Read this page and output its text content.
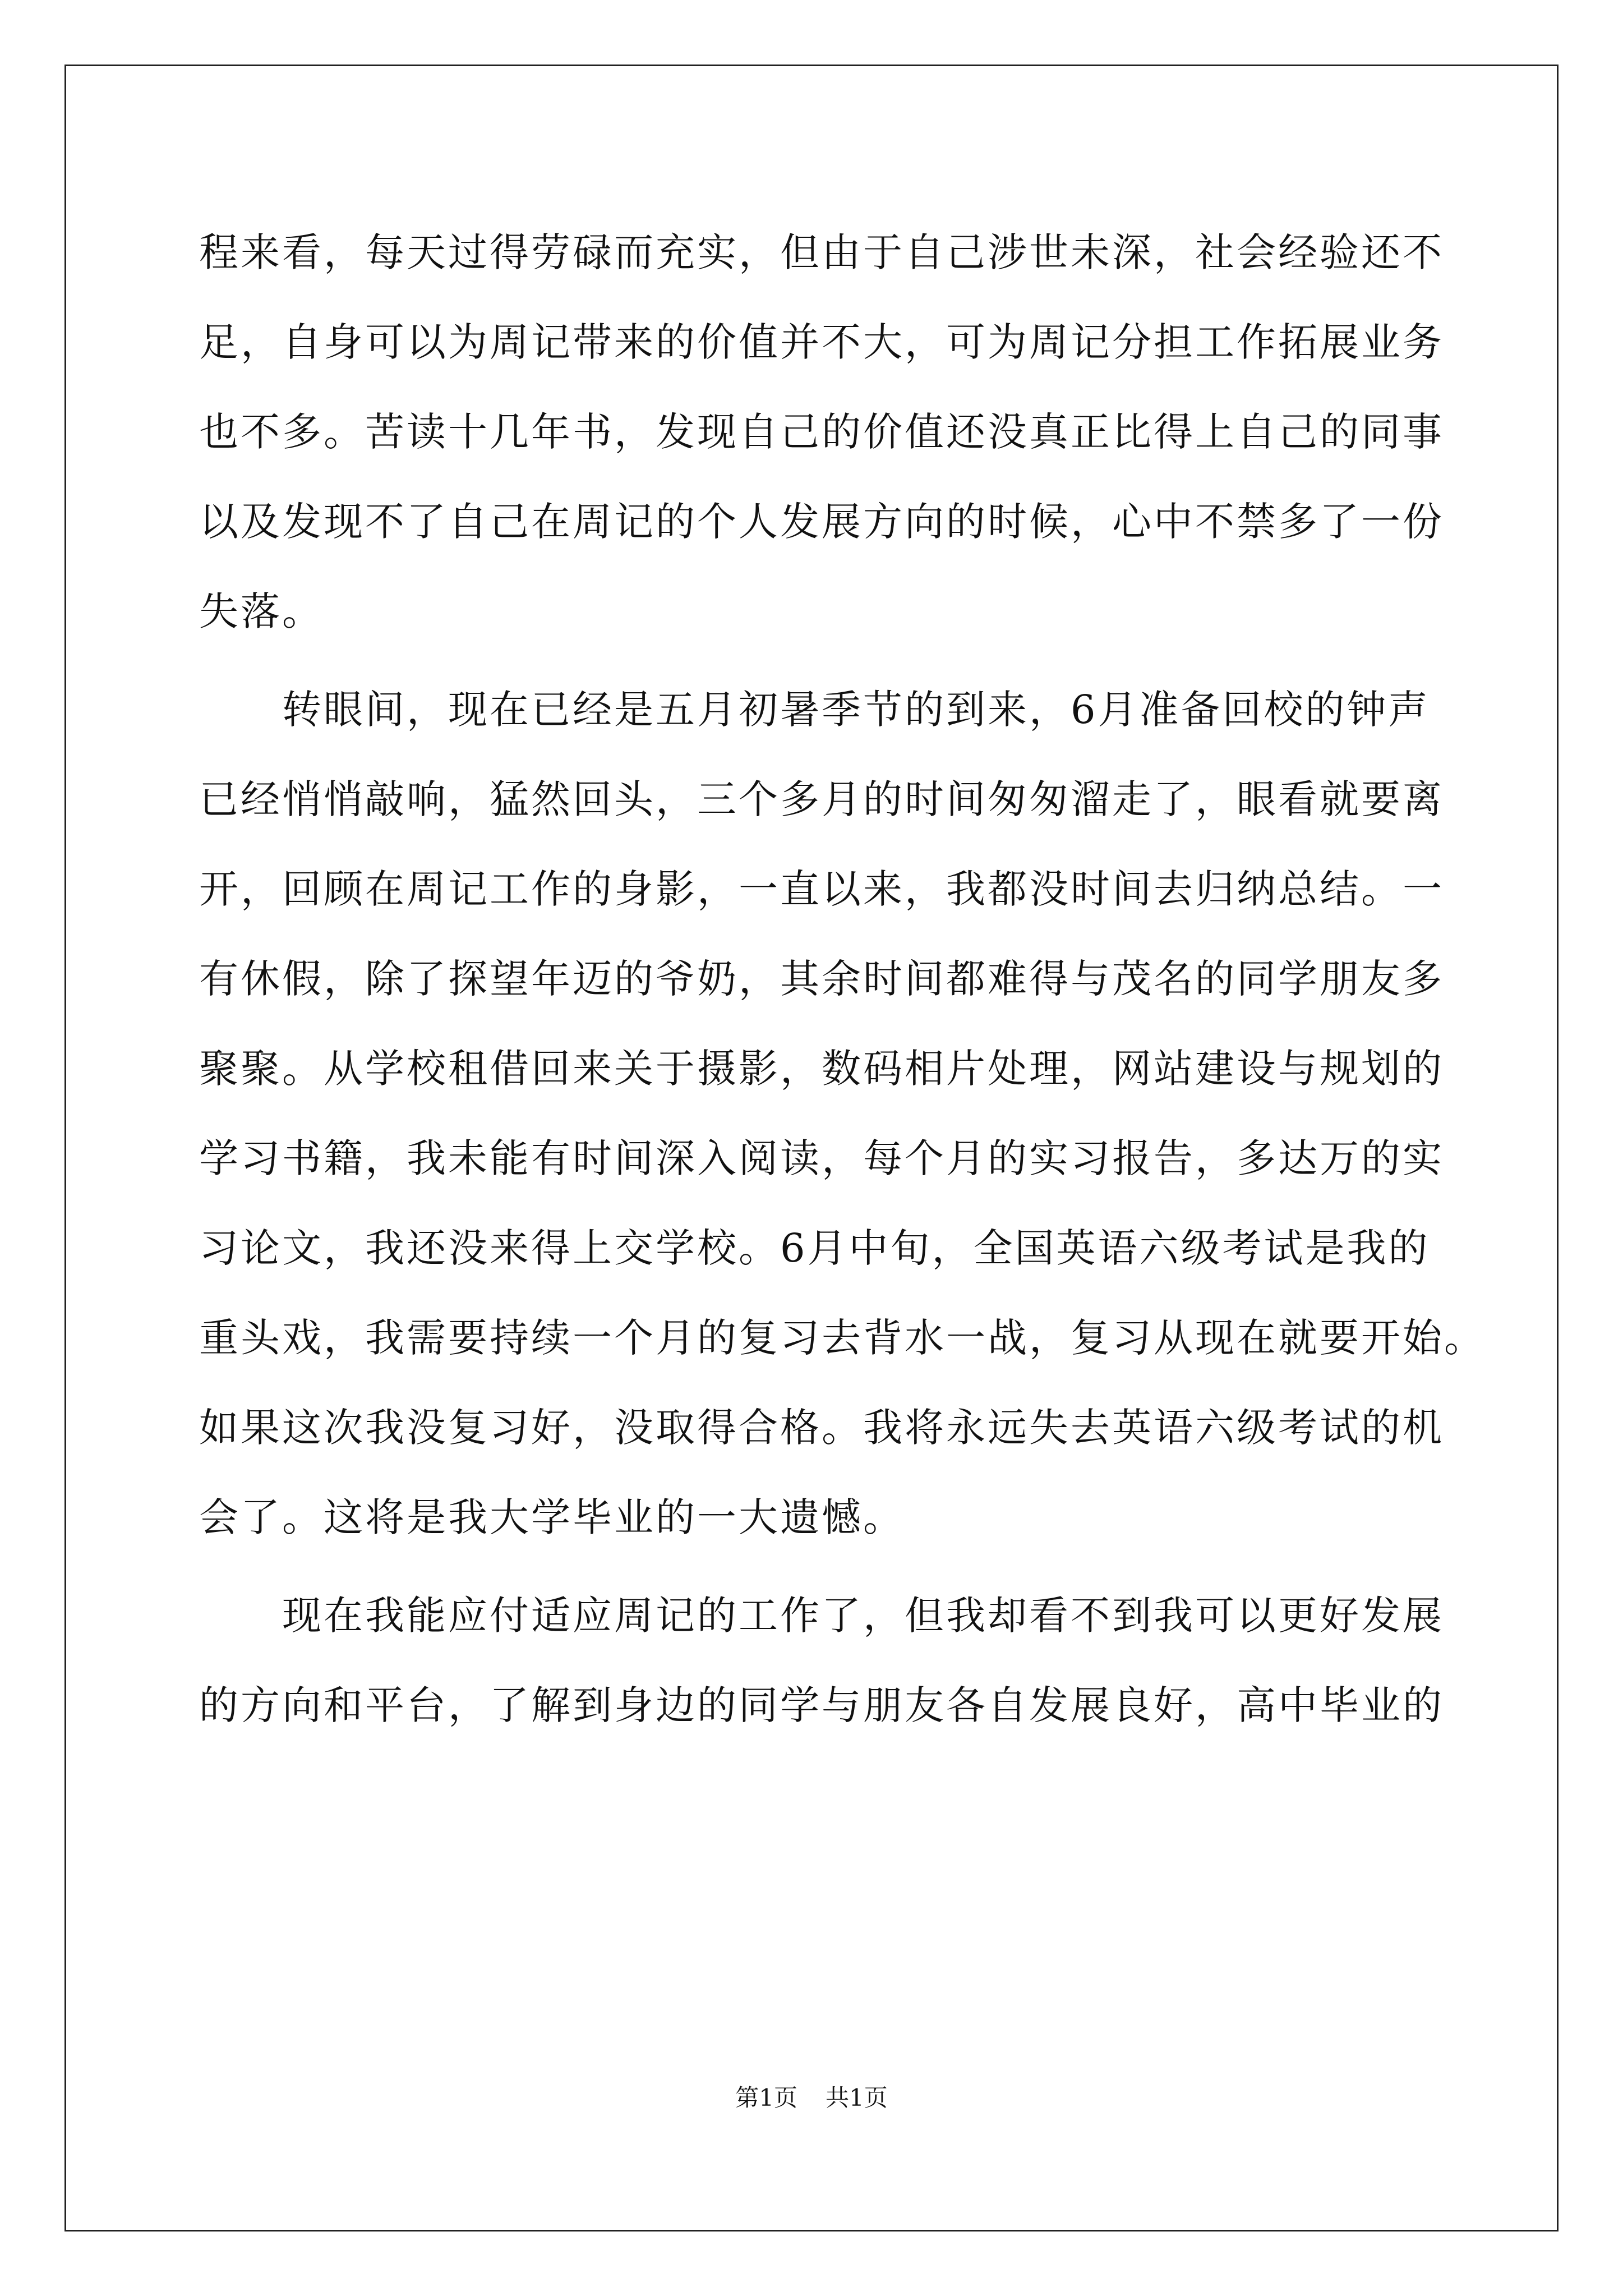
程来看，每天过得劳碌而充实，但由于自己涉世未深，社会经验还不
足，自身可以为周记带来的价值并不大，可为周记分担工作拓展业务
也不多。苦读十几年书，发现自己的价值还没真正比得上自己的同事
以及发现不了自己在周记的个人发展方向的时候，心中不禁多了一份
失落。
转眼间，现在已经是五月初暑季节的到来，6月准备回校的钟声
已经悄悄敲响，猛然回头，三个多月的时间匆匆溜走了，眼看就要离
开，回顾在周记工作的身影，一直以来，我都没时间去归纳总结。一
有休假，除了探望年迈的爷奶，其余时间都难得与茂名的同学朋友多
聚聚。从学校租借回来关于摄影，数码相片处理，网站建设与规划的
学习书籍，我未能有时间深入阅读，每个月的实习报告，多达万的实
习论文，我还没来得上交学校。6月中旬，全国英语六级考试是我的
重头戏，我需要持续一个月的复习去背水一战，复习从现在就要开始。
如果这次我没复习好，没取得合格。我将永远失去英语六级考试的机
会了。这将是我大学毕业的一大遗憾。
现在我能应付适应周记的工作了，但我却看不到我可以更好发展
的方向和平台，了解到身边的同学与朋友各自发展良好，高中毕业的
第1页 共1页
